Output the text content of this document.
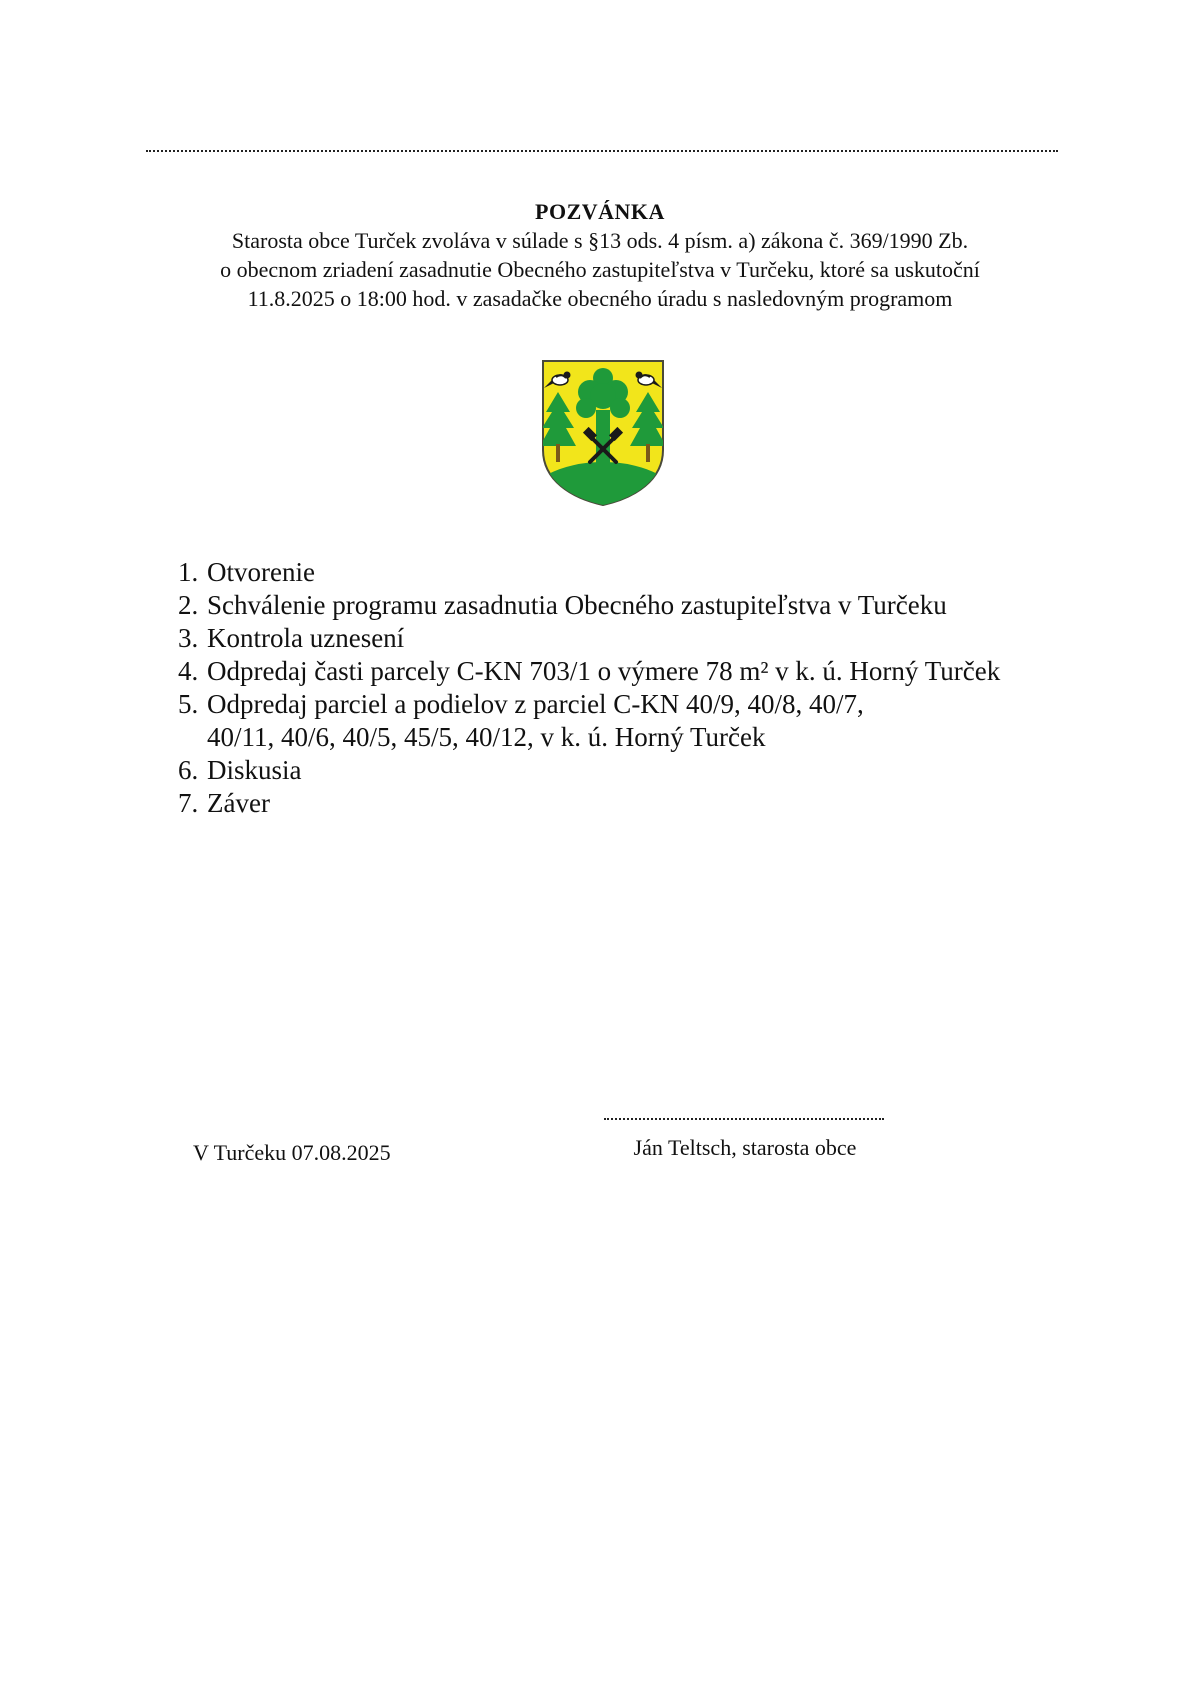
POZVÁNKA
Starosta obce Turček zvoláva v súlade s §13 ods. 4 písm. a) zákona č. 369/1990 Zb.
o obecnom zriadení zasadnutie Obecného zastupiteľstva v Turčeku, ktoré sa uskutoční
11.8.2025 o 18:00 hod. v zasadačke obecného úradu s nasledovným programom
1. Otvorenie
2. Schválenie programu zasadnutia Obecného zastupiteľstva v Turčeku
3. Kontrola uznesení
4. Odpredaj časti parcely C-KN 703/1 o výmere 78 m² v k. ú. Horný Turček
5. Odpredaj parciel a podielov z parciel C-KN 40/9, 40/8, 40/7,
40/11, 40/6, 40/5, 45/5, 40/12, v k. ú. Horný Turček
6. Diskusia
7. Záver
V Turčeku 07.08.2025	Ján Teltsch, starosta obce
